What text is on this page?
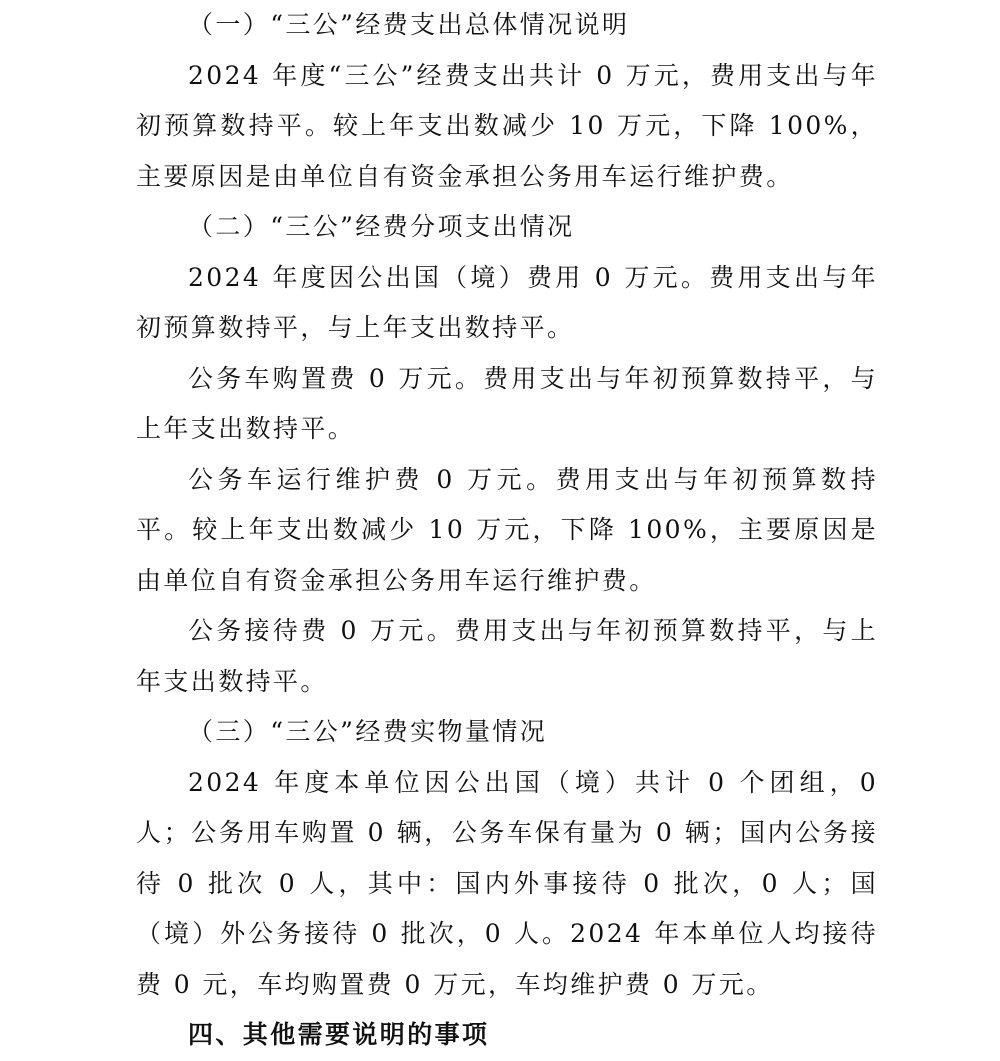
（一）“三公”经费支出总体情况说明

2024 年度“三公”经费支出共计 0 万元，费用支出与年初预算数持平。较上年支出数减少 10 万元，下降 100%，主要原因是由单位自有资金承担公务用车运行维护费。

（二）“三公”经费分项支出情况

2024 年度因公出国（境）费用 0 万元。费用支出与年初预算数持平，与上年支出数持平。

公务车购置费 0 万元。费用支出与年初预算数持平，与上年支出数持平。

公务车运行维护费 0 万元。费用支出与年初预算数持平。较上年支出数减少 10 万元，下降 100%，主要原因是由单位自有资金承担公务用车运行维护费。

公务接待费 0 万元。费用支出与年初预算数持平，与上年支出数持平。

（三）“三公”经费实物量情况

2024 年度本单位因公出国（境）共计 0 个团组，0 人；公务用车购置 0 辆，公务车保有量为 0 辆；国内公务接待 0 批次 0 人，其中：国内外事接待 0 批次，0 人；国（境）外公务接待 0 批次，0 人。2024 年本单位人均接待费 0 元，车均购置费 0 万元，车均维护费 0 万元。

四、其他需要说明的事项
